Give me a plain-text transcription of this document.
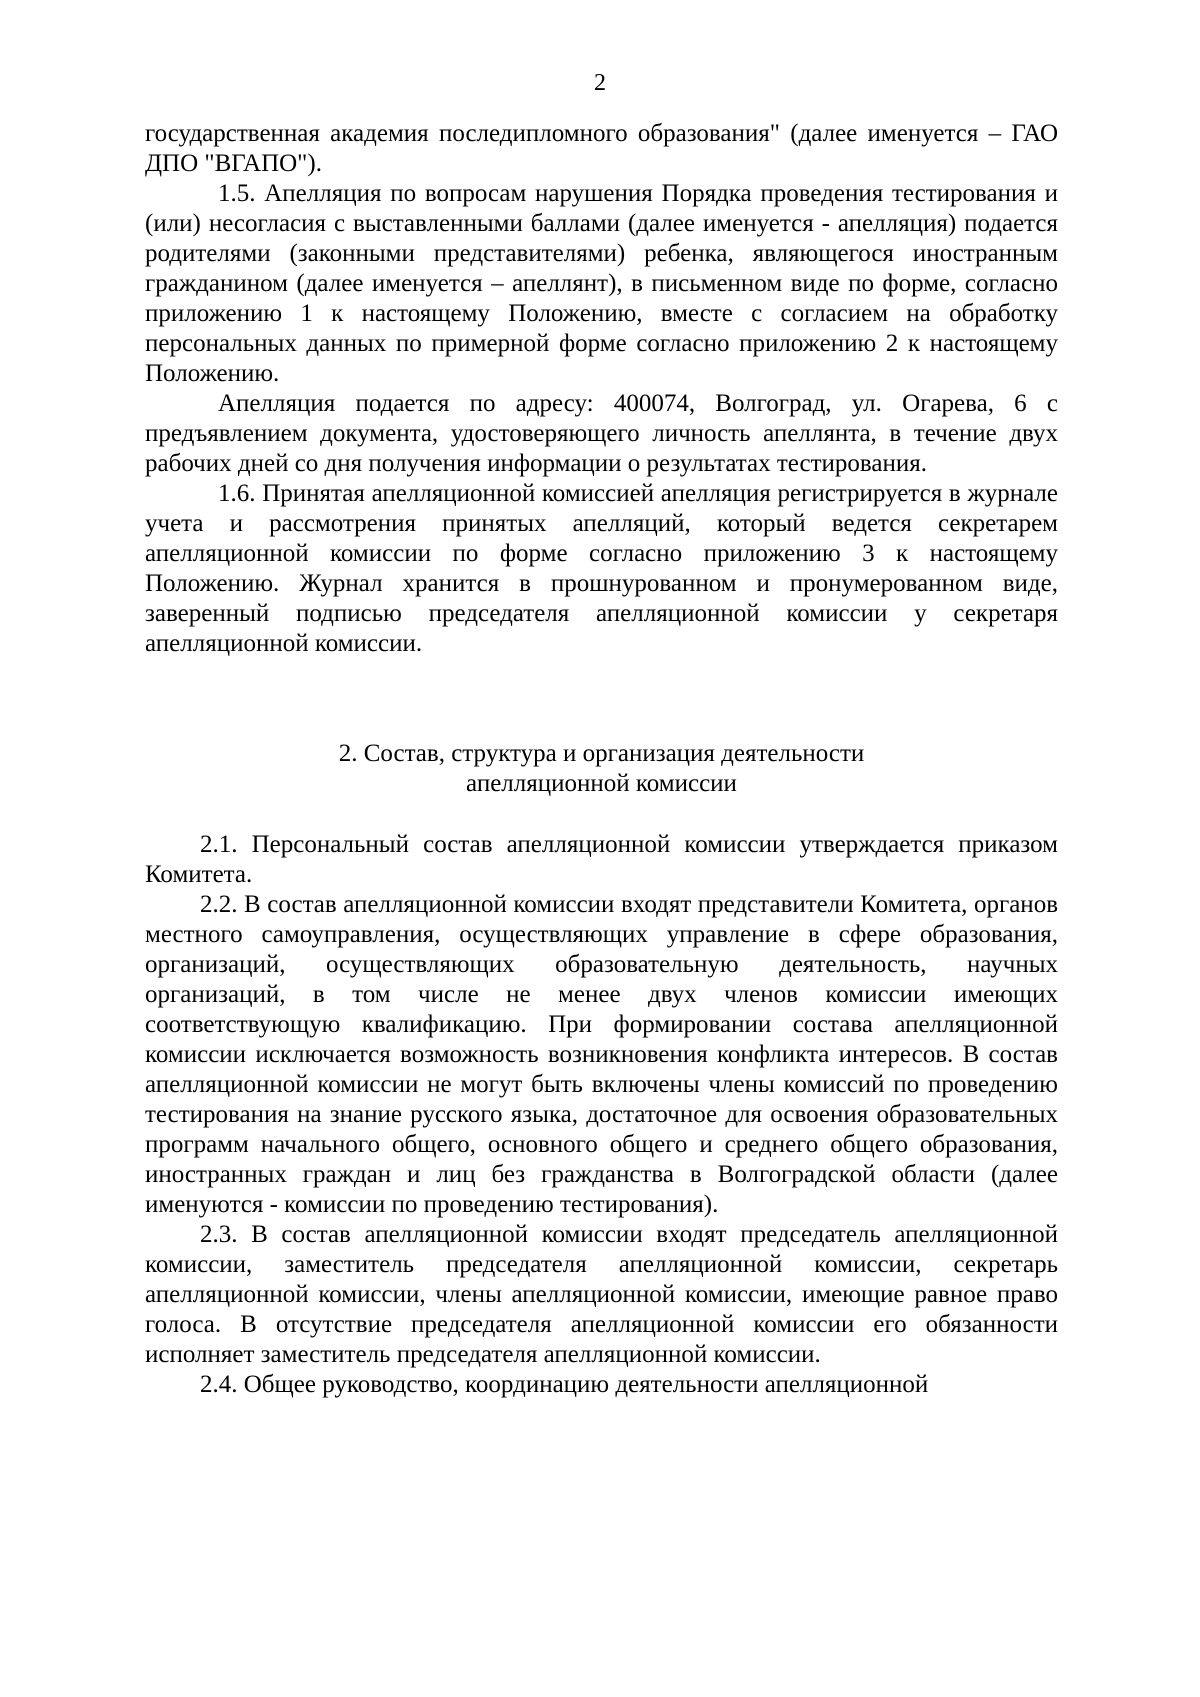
2

государственная академия последипломного образования" (далее именуется – ГАО ДПО "ВГАПО").

1.5. Апелляция по вопросам нарушения Порядка проведения тестирования и (или) несогласия с выставленными баллами (далее именуется - апелляция) подается родителями (законными представителями) ребенка, являющегося иностранным гражданином (далее именуется – апеллянт), в письменном виде по форме, согласно приложению 1 к настоящему Положению, вместе с согласием на обработку персональных данных по примерной форме согласно приложению 2 к настоящему Положению.

Апелляция подается по адресу: 400074, Волгоград, ул. Огарева, 6 с предъявлением документа, удостоверяющего личность апеллянта, в течение двух рабочих дней со дня получения информации о результатах тестирования.

1.6. Принятая апелляционной комиссией апелляция регистрируется в журнале учета и рассмотрения принятых апелляций, который ведется секретарем апелляционной комиссии по форме согласно приложению 3 к настоящему Положению. Журнал хранится в прошнурованном и пронумерованном виде, заверенный подписью председателя апелляционной комиссии у секретаря апелляционной комиссии.

2. Состав, структура и организация деятельности
апелляционной комиссии

2.1. Персональный состав апелляционной комиссии утверждается приказом Комитета.

2.2. В состав апелляционной комиссии входят представители Комитета, органов местного самоуправления, осуществляющих управление в сфере образования, организаций, осуществляющих образовательную деятельность, научных организаций, в том числе не менее двух членов комиссии имеющих соответствующую квалификацию. При формировании состава апелляционной комиссии исключается возможность возникновения конфликта интересов. В состав апелляционной комиссии не могут быть включены члены комиссий по проведению тестирования на знание русского языка, достаточное для освоения образовательных программ начального общего, основного общего и среднего общего образования, иностранных граждан и лиц без гражданства в Волгоградской области (далее именуются - комиссии по проведению тестирования).

2.3. В состав апелляционной комиссии входят председатель апелляционной комиссии, заместитель председателя апелляционной комиссии, секретарь апелляционной комиссии, члены апелляционной комиссии, имеющие равное право голоса. В отсутствие председателя апелляционной комиссии его обязанности исполняет заместитель председателя апелляционной комиссии.

2.4. Общее руководство, координацию деятельности апелляционной
